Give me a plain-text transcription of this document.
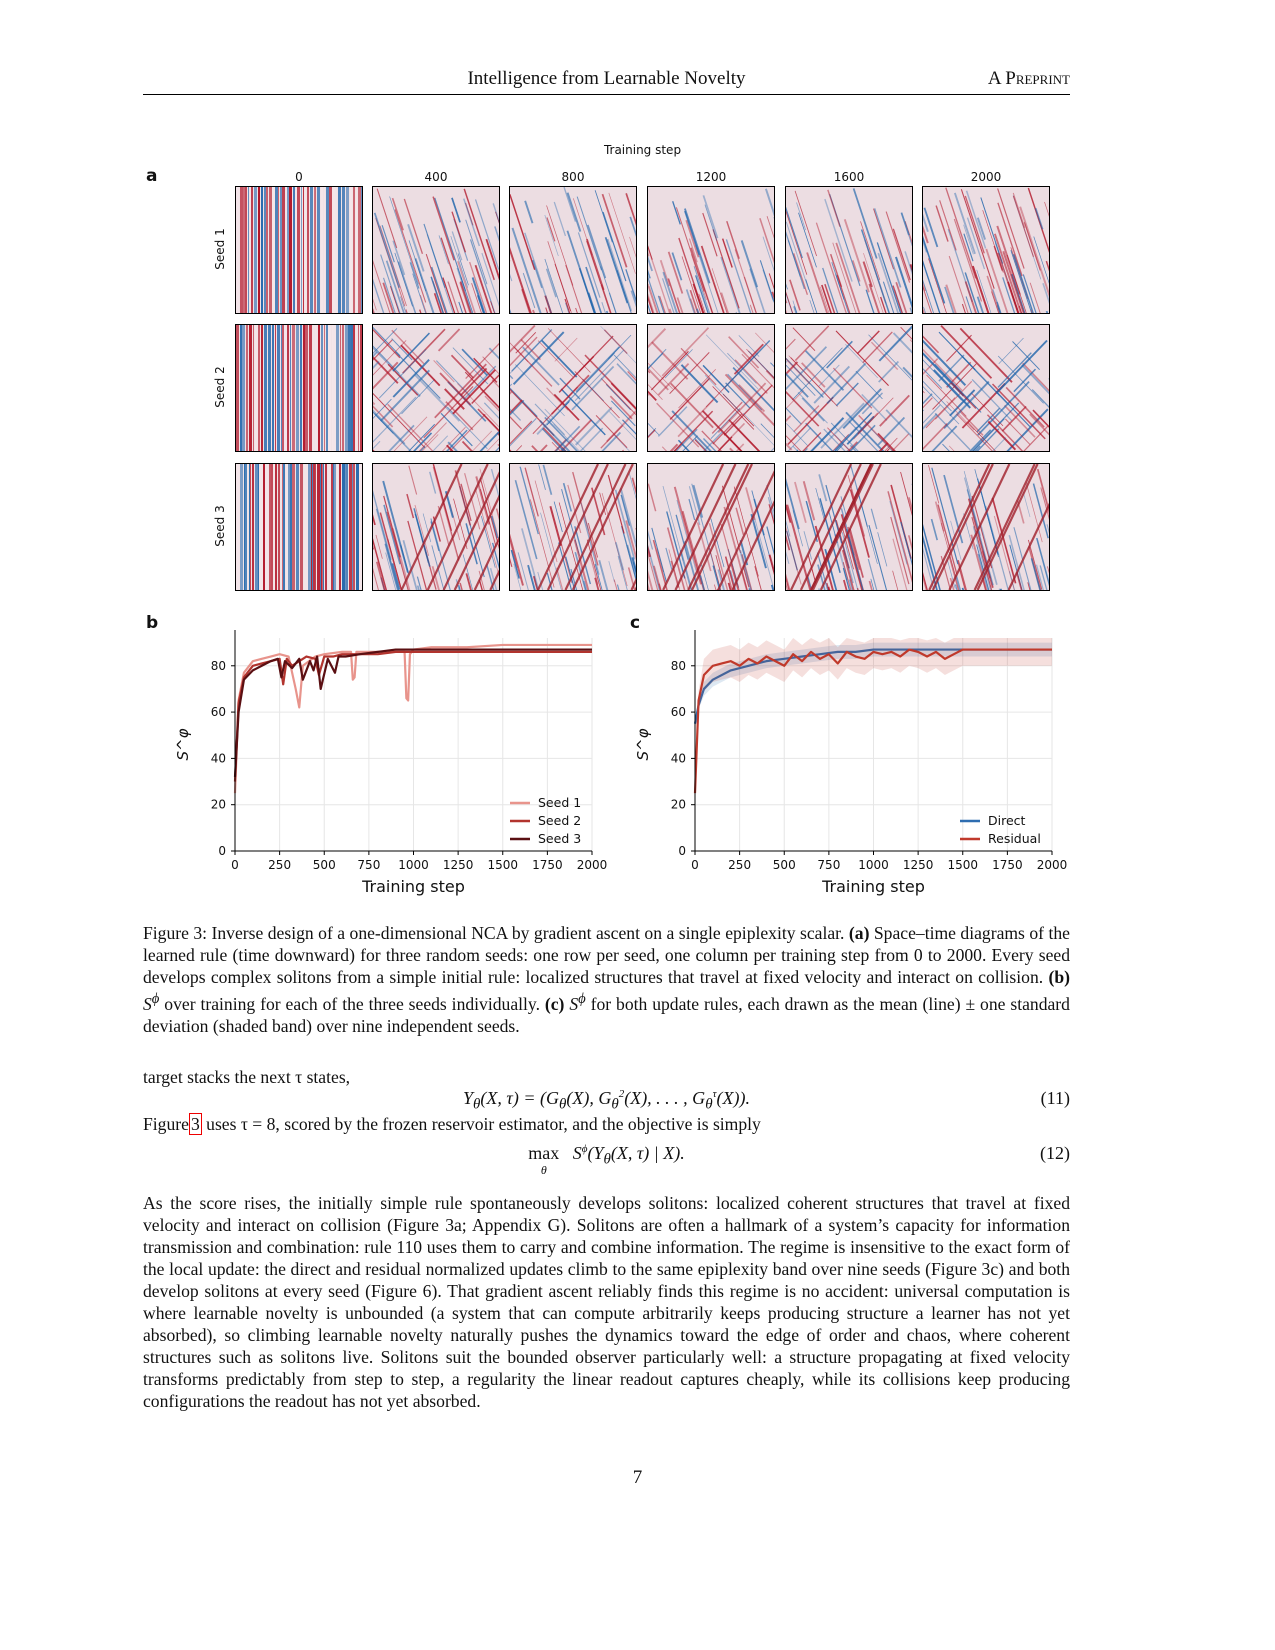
Intelligence from Learnable Novelty	A Preprint
a
Training step
0	400	800	1200	1600	2000
Seed 1
Seed 2
Seed 3
b
0 250 500 750 1000 1250 1500 1750 2000
0
20
40
60
80
Training step
S^φ
Seed 1
Seed 2
Seed 3
c
0 250 500 750 1000 1250 1500 1750 2000
0
20
40
60
80
Training step
S^φ
Direct
Residual
Figure 3: Inverse design of a one-dimensional NCA by gradient ascent on a single epiplexity scalar. (a) Space–time diagrams of the learned rule (time downward) for three random seeds: one row per seed, one column per training step from 0 to 2000. Every seed develops complex solitons from a simple initial rule: localized structures that travel at fixed velocity and interact on collision. (b) $S^\phi$ over training for each of the three seeds individually. (c) $S^\phi$ for both update rules, each drawn as the mean (line) ± one standard deviation (shaded band) over nine independent seeds.
target stacks the next τ states,
$Y_\theta(X$, $\tau) = (G_\theta(X)$, $G_\theta^2(X)$, . . . , $G_\theta^\tau(X)$).	(11)
Figure 3 uses τ = 8, scored by the frozen reservoir estimator, and the objective is simply
max
$^\theta$   $S^\phi(Y_\theta(X$, τ) | X).	(12)
As the score rises, the initially simple rule spontaneously develops solitons: localized coherent structures that travel at fixed velocity and interact on collision (Figure 3a; Appendix G). Solitons are often a hallmark of a system’s capacity for information transmission and combination: rule 110 uses them to carry and combine information. The regime is insensitive to the exact form of the local update: the direct and residual normalized updates climb to the same epiplexity band over nine seeds (Figure 3c) and both develop solitons at every seed (Figure 6). That gradient ascent reliably finds this regime is no accident: universal computation is where learnable novelty is unbounded (a system that can compute arbitrarily keeps producing structure a learner has not yet absorbed), so climbing learnable novelty naturally pushes the dynamics toward the edge of order and chaos, where coherent structures such as solitons live. Solitons suit the bounded observer particularly well: a structure propagating at fixed velocity transforms predictably from step to step, a regularity the linear readout captures cheaply, while its collisions keep producing configurations the readout has not yet absorbed.
7
